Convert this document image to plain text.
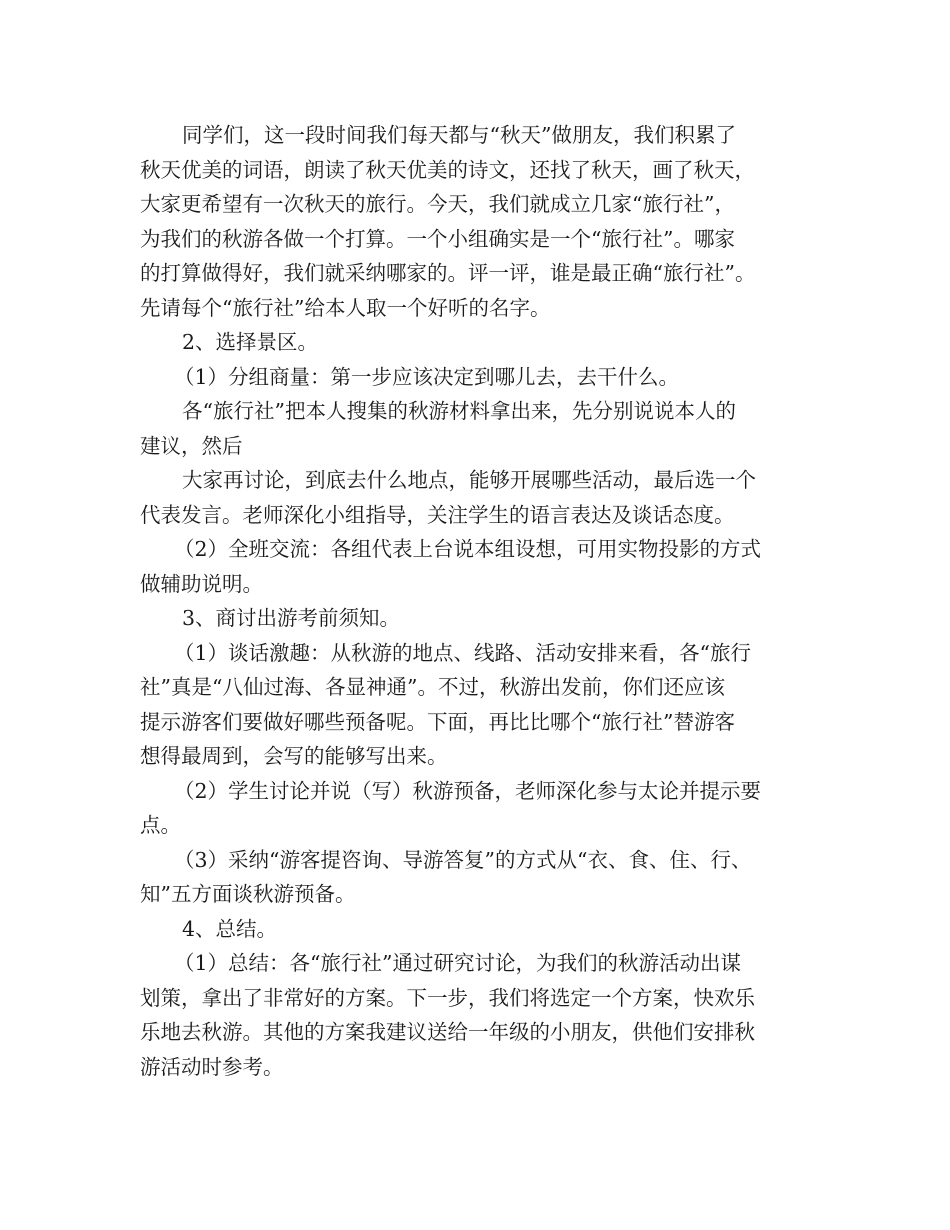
同学们，这一段时间我们每天都与“秋天”做朋友，我们积累了
秋天优美的词语，朗读了秋天优美的诗文，还找了秋天，画了秋天，
大家更希望有一次秋天的旅行。今天，我们就成立几家“旅行社”，
为我们的秋游各做一个打算。一个小组确实是一个“旅行社”。哪家
的打算做得好，我们就采纳哪家的。评一评，谁是最正确“旅行社”。
先请每个“旅行社”给本人取一个好听的名字。

2、选择景区。

（1）分组商量：第一步应该决定到哪儿去，去干什么。

各“旅行社”把本人搜集的秋游材料拿出来，先分别说说本人的
建议，然后

大家再讨论，到底去什么地点，能够开展哪些活动，最后选一个
代表发言。老师深化小组指导，关注学生的语言表达及谈话态度。

（2）全班交流：各组代表上台说本组设想，可用实物投影的方式
做辅助说明。

3、商讨出游考前须知。

（1）谈话激趣：从秋游的地点、线路、活动安排来看，各“旅行
社”真是“八仙过海、各显神通”。不过，秋游出发前，你们还应该
提示游客们要做好哪些预备呢。下面，再比比哪个“旅行社”替游客
想得最周到，会写的能够写出来。

（2）学生讨论并说（写）秋游预备，老师深化参与太论并提示要
点。

（3）采纳“游客提咨询、导游答复”的方式从“衣、食、住、行、
知”五方面谈秋游预备。

4、总结。

（1）总结：各“旅行社”通过研究讨论，为我们的秋游活动出谋
划策，拿出了非常好的方案。下一步，我们将选定一个方案，快欢乐
乐地去秋游。其他的方案我建议送给一年级的小朋友，供他们安排秋
游活动时参考。
